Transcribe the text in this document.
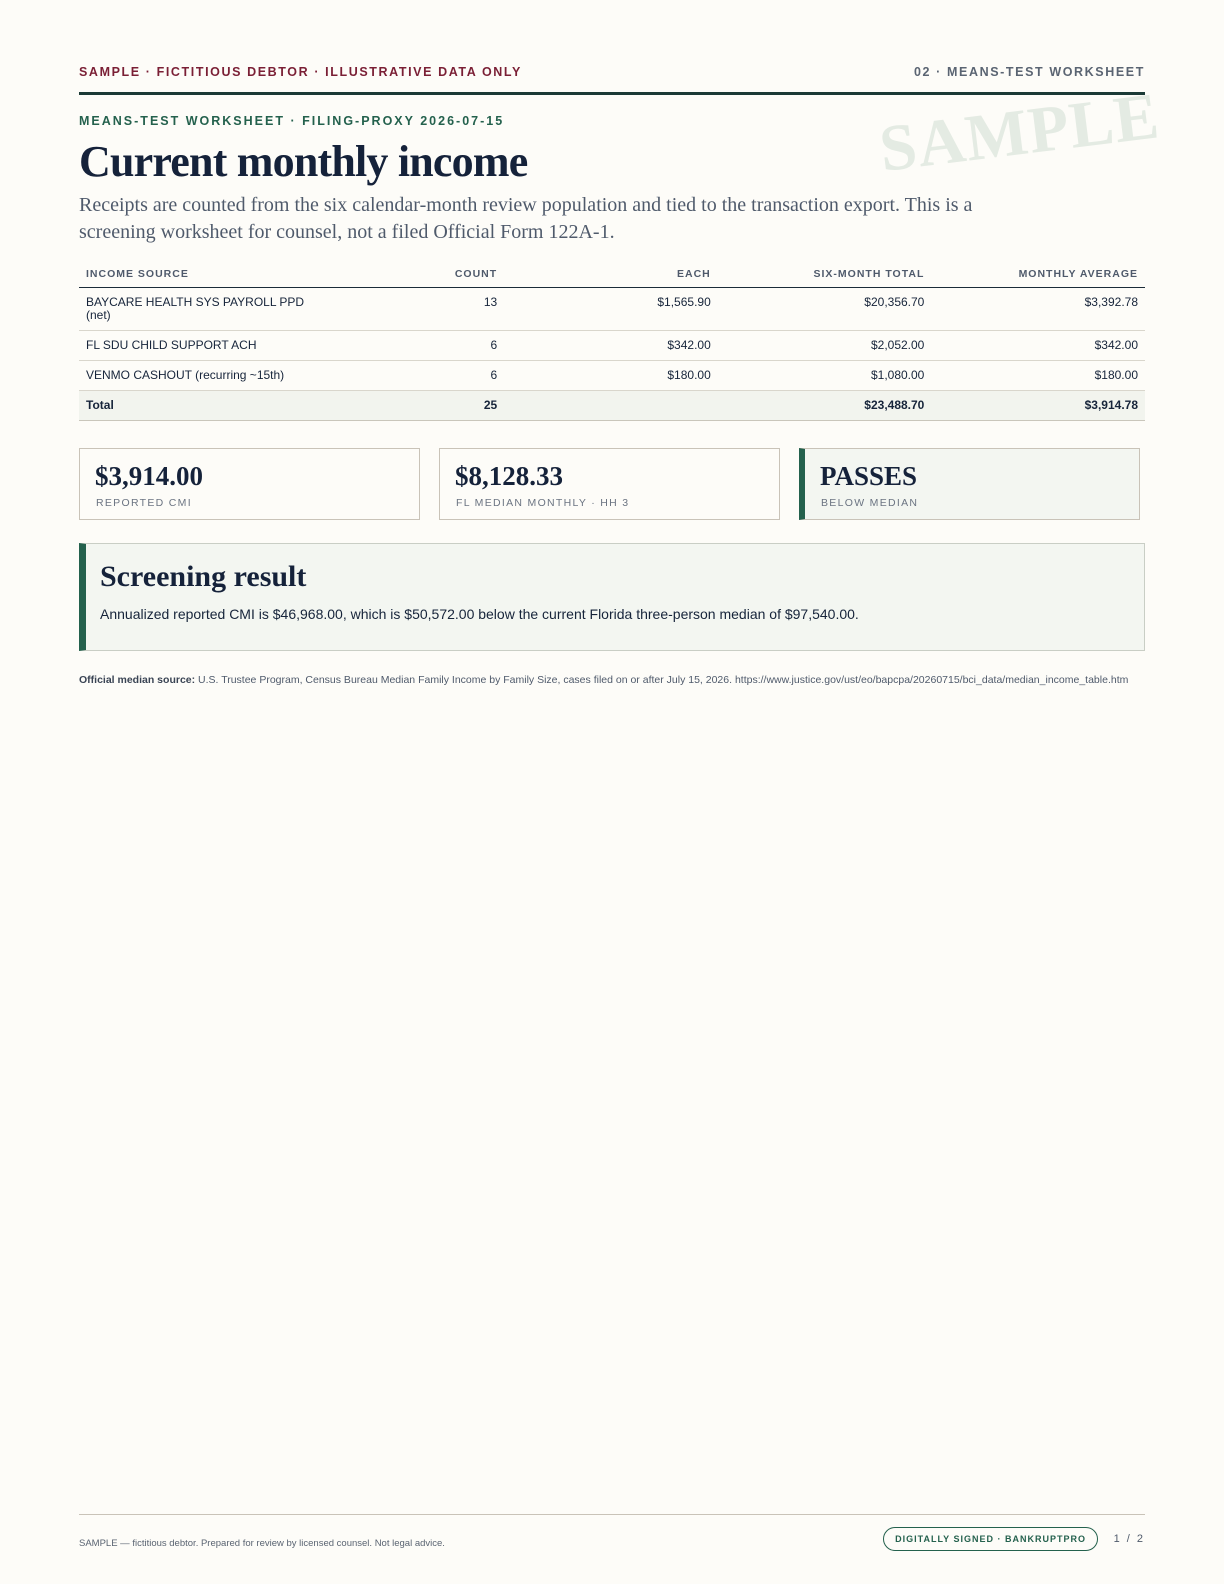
SAMPLE · FICTITIOUS DEBTOR · ILLUSTRATIVE DATA ONLY	02 · MEANS-TEST WORKSHEET
SAMPLE
MEANS-TEST WORKSHEET · FILING-PROXY 2026-07-15
Current monthly income

Receipts are counted from the six calendar-month review population and tied to the transaction export. This is a screening worksheet for counsel, not a filed Official Form 122A-1.

INCOME SOURCE	COUNT	EACH	SIX-MONTH TOTAL	MONTHLY AVERAGE
BAYCARE HEALTH SYS PAYROLL PPD (net)	13	$1,565.90	$20,356.70	$3,392.78
FL SDU CHILD SUPPORT ACH	6	$342.00	$2,052.00	$342.00
VENMO CASHOUT (recurring ~15th)	6	$180.00	$1,080.00	$180.00
Total	25		$23,488.70	$3,914.78
$3,914.00
REPORTED CMI
$8,128.33
FL MEDIAN MONTHLY · HH 3
PASSES
BELOW MEDIAN
Screening result

Annualized reported CMI is $46,968.00, which is $50,572.00 below the current Florida three-person median of $97,540.00.

Official median source: U.S. Trustee Program, Census Bureau Median Family Income by Family Size, cases filed on or after July 15, 2026. https://www.justice.gov/ust/eo/bapcpa/20260715/bci_data/median_income_table.htm
SAMPLE — fictitious debtor. Prepared for review by licensed counsel. Not legal advice.	DIGITALLY SIGNED · BANKRUPTPRO	1 / 2
